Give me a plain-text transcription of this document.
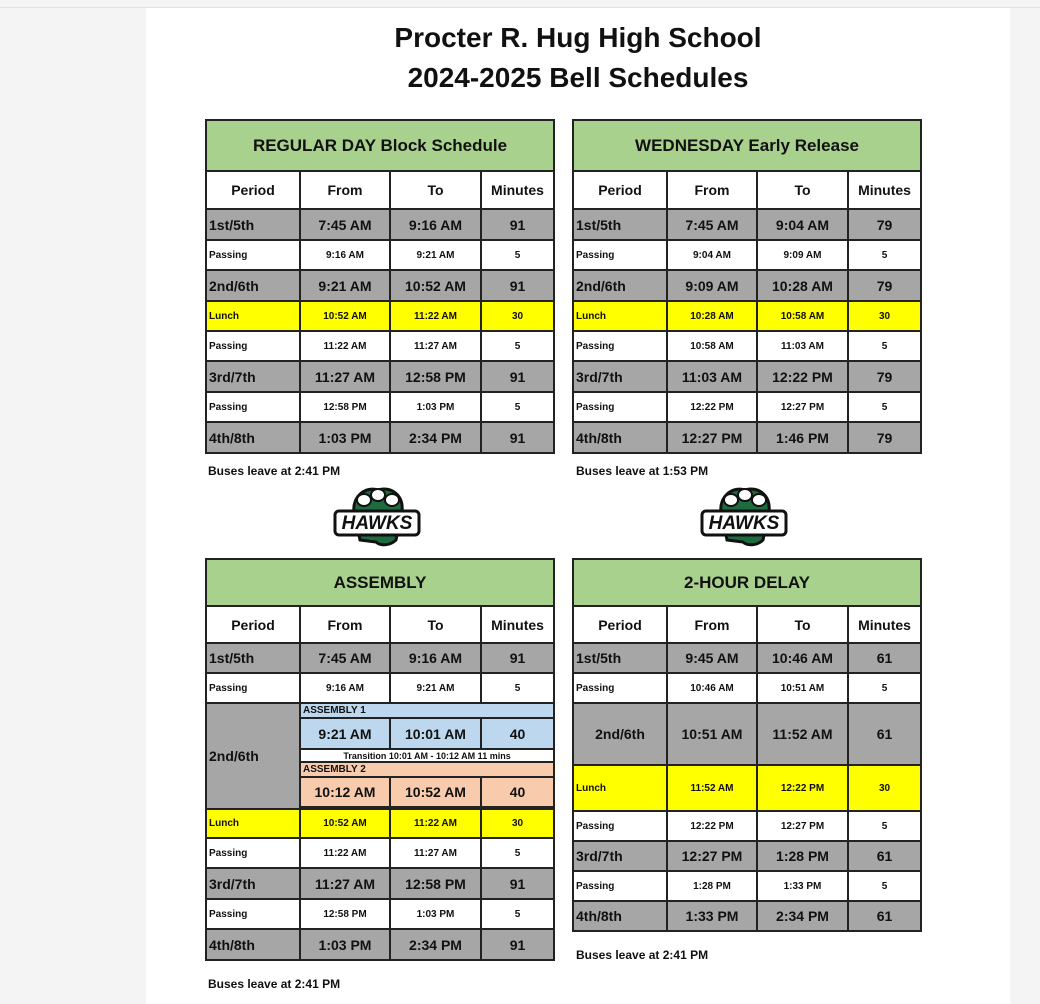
Procter R. Hug High School
2024-2025 Bell Schedules
REGULAR DAY Block Schedule			
Period	From	To	Minutes
1st/5th	7:45 AM	9:16 AM	91
Passing	9:16 AM	9:21 AM	5
2nd/6th	9:21 AM	10:52 AM	91
Lunch	10:52 AM	11:22 AM	30
Passing	11:22 AM	11:27 AM	5
3rd/7th	11:27 AM	12:58 PM	91
Passing	12:58 PM	1:03 PM	5
4th/8th	1:03 PM	2:34 PM	91
Buses leave at 2:41 PM
WEDNESDAY Early Release			
Period	From	To	Minutes
1st/5th	7:45 AM	9:04 AM	79
Passing	9:04 AM	9:09 AM	5
2nd/6th	9:09 AM	10:28 AM	79
Lunch	10:28 AM	10:58 AM	30
Passing	10:58 AM	11:03 AM	5
3rd/7th	11:03 AM	12:22 PM	79
Passing	12:22 PM	12:27 PM	5
4th/8th	12:27 PM	1:46 PM	79
Buses leave at 1:53 PM
HAWKS	HAWKS
ASSEMBLY			
Period	From	To	Minutes
1st/5th	7:45 AM	9:16 AM	91
Passing	9:16 AM	9:21 AM	5
2nd/6th	ASSEMBLY 1		
	9:21 AM	10:01 AM	40
	Transition 10:01 AM - 10:12 AM 11 mins		
	ASSEMBLY 2		
	10:12 AM	10:52 AM	40

Lunch	10:52 AM	11:22 AM	30
Passing	11:22 AM	11:27 AM	5
3rd/7th	11:27 AM	12:58 PM	91
Passing	12:58 PM	1:03 PM	5
4th/8th	1:03 PM	2:34 PM	91
Buses leave at 2:41 PM
2-HOUR DELAY			
Period	From	To	Minutes
1st/5th	9:45 AM	10:46 AM	61
Passing	10:46 AM	10:51 AM	5
2nd/6th	10:51 AM	11:52 AM	61
Lunch	11:52 AM	12:22 PM	30
Passing	12:22 PM	12:27 PM	5
3rd/7th	12:27 PM	1:28 PM	61
Passing	1:28 PM	1:33 PM	5
4th/8th	1:33 PM	2:34 PM	61
Buses leave at 2:41 PM
